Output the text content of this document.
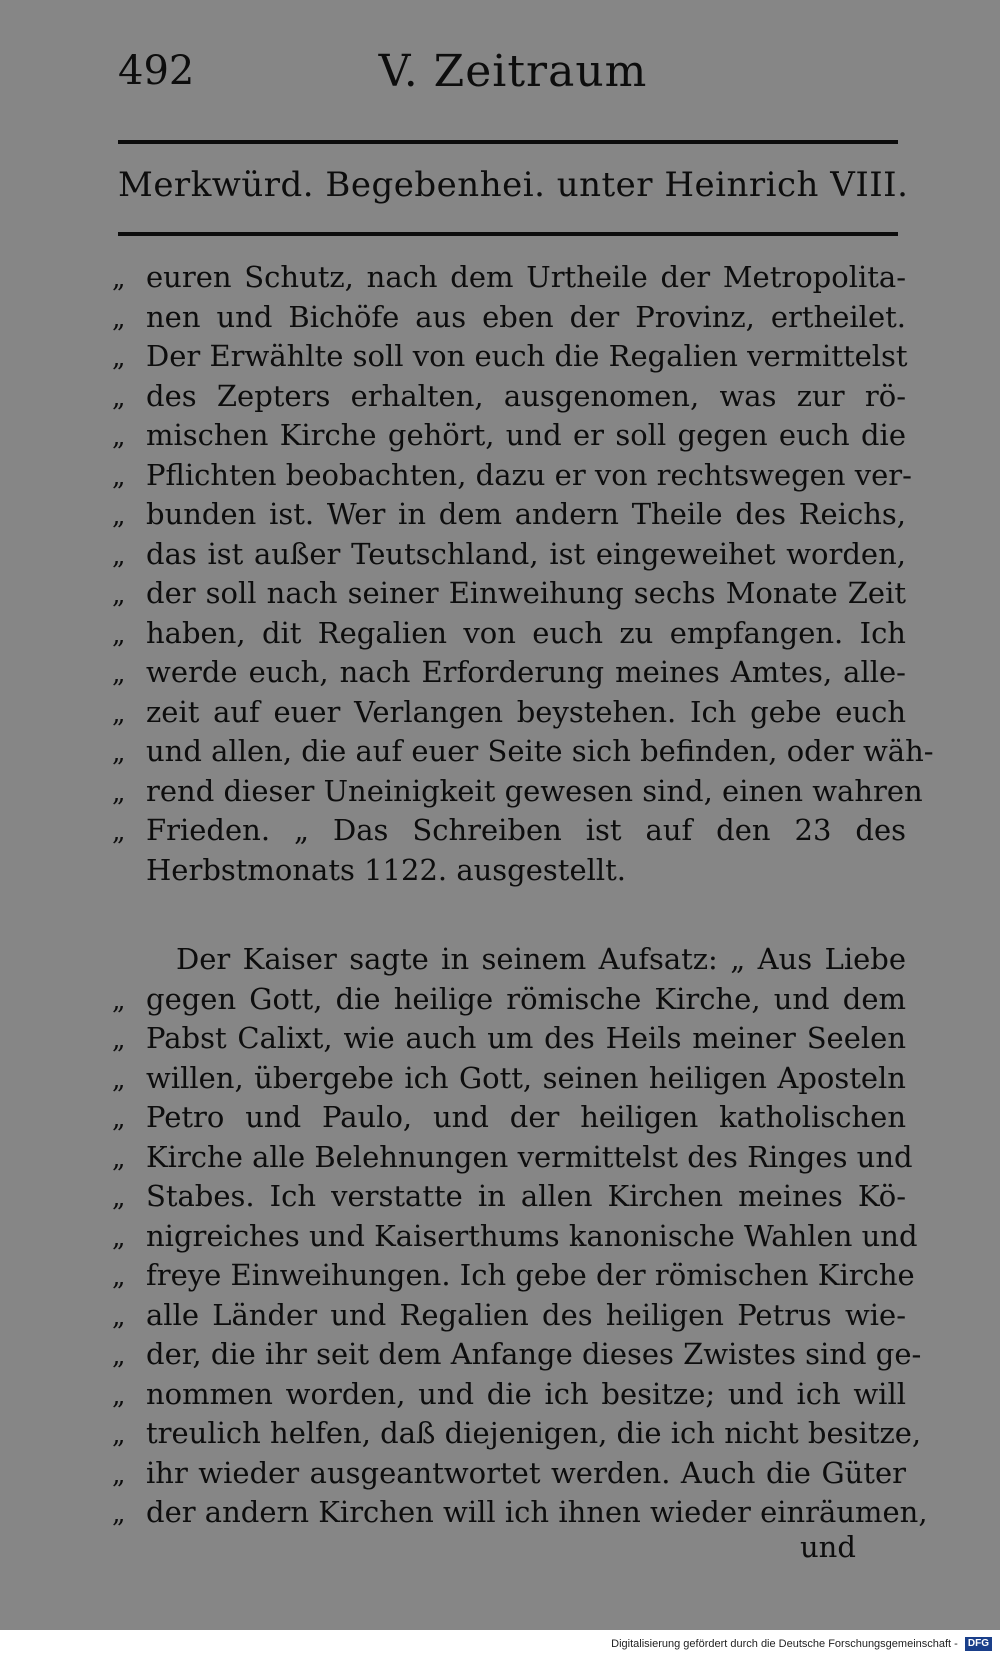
492	V. Zeitraum
Merkwürd. Begebenhei. unter Heinrich VIII.
„ euren Schutz, nach dem Urtheile der Metropolita-
„ nen und Bichöfe aus eben der Provinz, ertheilet.
„ Der Erwählte soll von euch die Regalien vermittelst
„ des Zepters erhalten, ausgenomen, was zur rö-
„ mischen Kirche gehört, und er soll gegen euch die
„ Pflichten beobachten, dazu er von rechtswegen ver-
„ bunden ist. Wer in dem andern Theile des Reichs,
„ das ist außer Teutschland, ist eingeweihet worden,
„ der soll nach seiner Einweihung sechs Monate Zeit
„ haben, dit Regalien von euch zu empfangen. Ich
„ werde euch, nach Erforderung meines Amtes, alle-
„ zeit auf euer Verlangen beystehen. Ich gebe euch
„ und allen, die auf euer Seite sich befinden, oder wäh-
„ rend dieser Uneinigkeit gewesen sind, einen wahren
„ Frieden. „ Das Schreiben ist auf den 23 des
Herbstmonats 1122. ausgestellt.
Der Kaiser sagte in seinem Aufsatz: „ Aus Liebe
„ gegen Gott, die heilige römische Kirche, und dem
„ Pabst Calixt, wie auch um des Heils meiner Seelen
„ willen, übergebe ich Gott, seinen heiligen Aposteln
„ Petro und Paulo, und der heiligen katholischen
„ Kirche alle Belehnungen vermittelst des Ringes und
„ Stabes. Ich verstatte in allen Kirchen meines Kö-
„ nigreiches und Kaiserthums kanonische Wahlen und
„ freye Einweihungen. Ich gebe der römischen Kirche
„ alle Länder und Regalien des heiligen Petrus wie-
„ der, die ihr seit dem Anfange dieses Zwistes sind ge-
„ nommen worden, und die ich besitze; und ich will
„ treulich helfen, daß diejenigen, die ich nicht besitze,
„ ihr wieder ausgeantwortet werden. Auch die Güter
„ der andern Kirchen will ich ihnen wieder einräumen,
und
Digitalisierung gefördert durch die Deutsche Forschungsgemeinschaft - DFG
